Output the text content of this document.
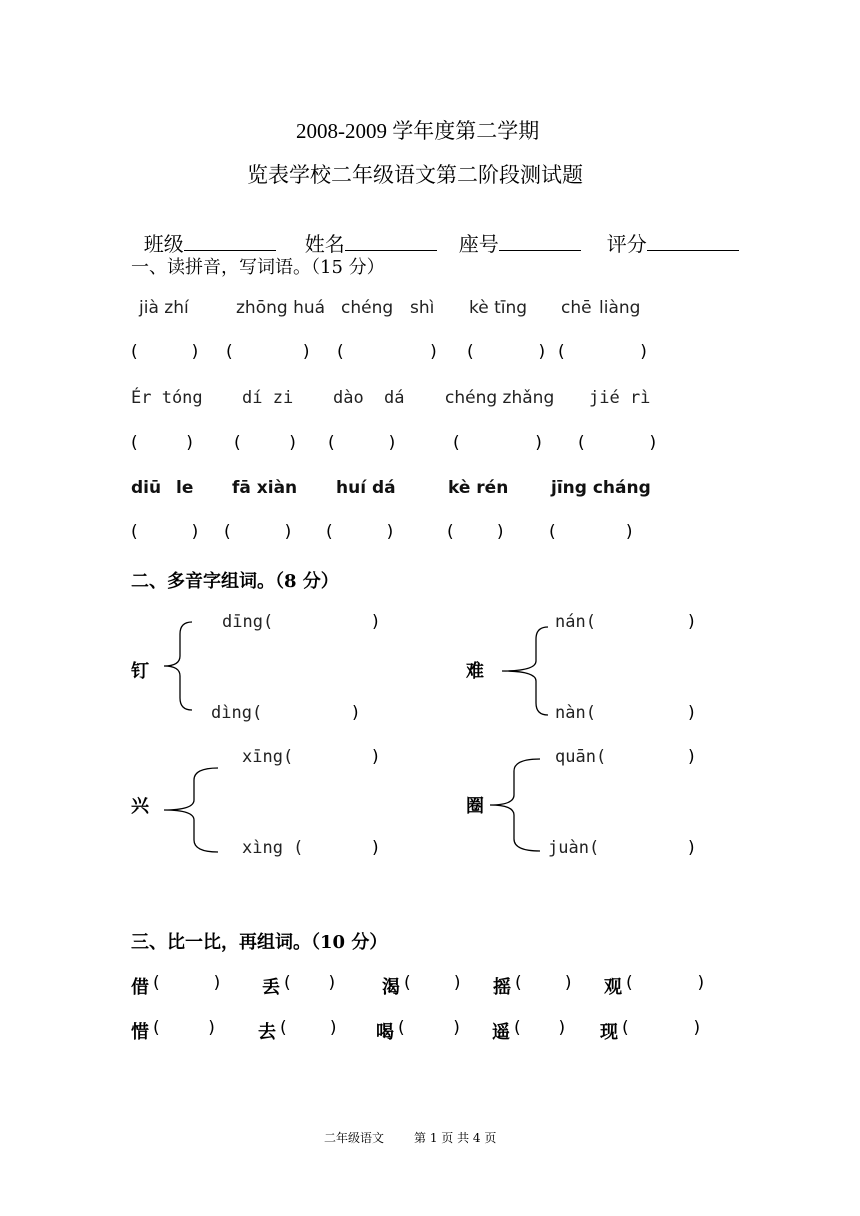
2008-2009 学年度第二学期
览表学校二年级语文第二阶段测试题

班级	姓名	座号	评分

一、读拼音，写词语。（15 分）
jià zhí	zhōng huá chéng shì kè tīng chē liàng
(          ) (             ) (                ) (            ) (              )
Ér tóng dí zi dào dá chéng zhǎng jié rì
(         ) (         ) (          )	(              ) (            )
diū le fā xiàn huí dá	kè rén	jīng cháng
(          ) (          ) (          )	(        )	(             )
二、多音字组词。（8 分）
钉
dīng(	)
dìng(	)
难
nán(	)
nàn(	)
兴
xīng(	)
xìng (	)
圈
quān(	)
juàn(	)
三、比一比，再组词。（10 分）
借 (          ) 丢 (       )	渴 (        ) 摇 (        ) 观 (            )
惜 (         ) 去 (        ) 喝 (         ) 遥 (       ) 现 (            )
二年级语文 第 1 页 共 4 页
